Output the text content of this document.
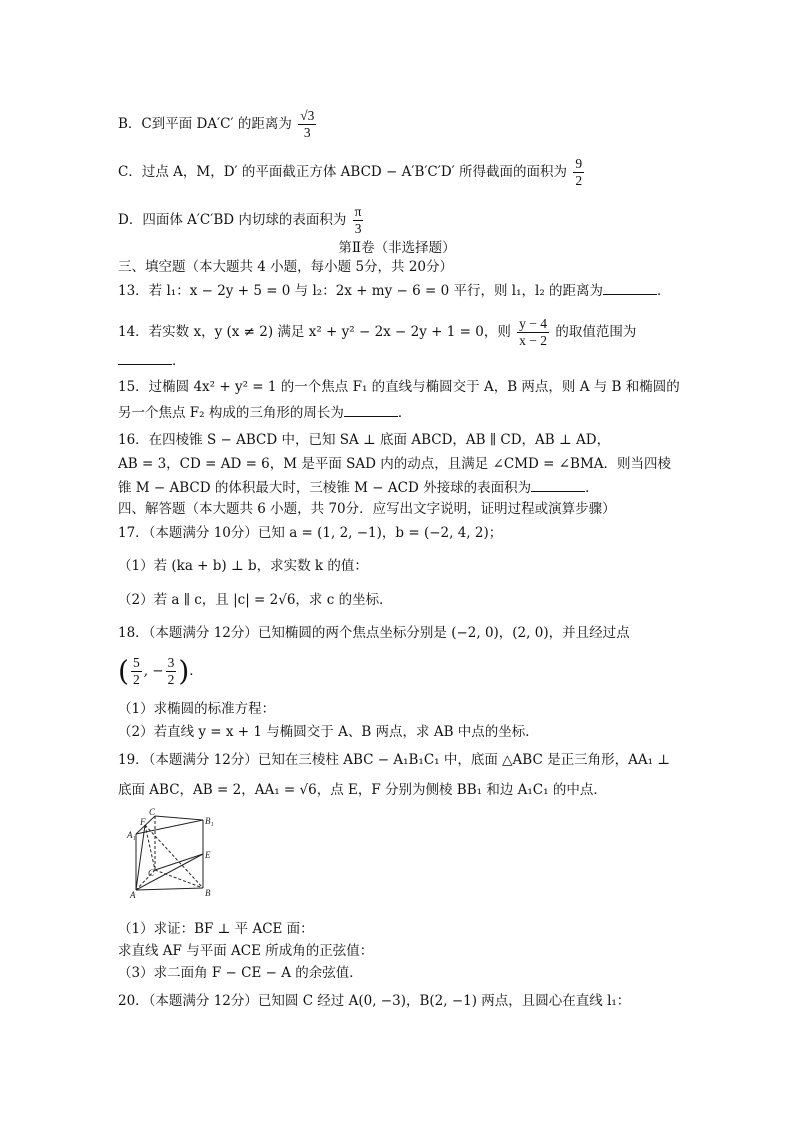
B．C到平面 DA′C′ 的距离为 $\frac{√3}{3}$
C．过点 A，M，D′ 的平面截正方体 ABCD − A′B′C′D′ 所得截面的面积为 $\frac{9}{2}$
D．四面体 A′C′BD 内切球的表面积为 $\frac{\pi}{3}$
第Ⅱ卷（非选择题）
三、填空题（本大题共 4 小题，每小题 5分，共 20分）
13．若 l₁：x − 2y + 5 = 0 与 l₂：2x + my − 6 = 0 平行，则 l₁，l₂ 的距离为	．
14．若实数 x，y (x ≠ 2) 满足 x² + y² − 2x − 2y + 1 = 0，则 $\frac{y - 4}{x - 2}$ 的取值范围为
．
15．过椭圆 4x² + y² = 1 的一个焦点 F₁ 的直线与椭圆交于 A，B 两点，则 A 与 B 和椭圆的
另一个焦点 F₂ 构成的三角形的周长为	．
16．在四棱锥 S − ABCD 中，已知 SA ⊥ 底面 ABCD，AB ∥ CD，AB ⊥ AD，
AB = 3，CD = AD = 6，M 是平面 SAD 内的动点，且满足 ∠CMD = ∠BMA．则当四棱
锥 M − ABCD 的体积最大时，三棱锥 M − ACD 外接球的表面积为	．
四、解答题（本大题共 6 小题，共 70分．应写出文字说明，证明过程或演算步骤）
17．（本题满分 10分）已知 a = (1, 2, −1)，b = (−2, 4, 2)；
（1）若 (ka + b) ⊥ b，求实数 k 的值：
（2）若 a ∥ c，且 |c| = 2√6，求 c 的坐标．
18．（本题满分 12分）已知椭圆的两个焦点坐标分别是 (−2, 0)，(2, 0)，并且经过点
( $\frac{5}{2}$ , − $\frac{3}{2}$ )．
（1）求椭圆的标准方程：
（2）若直线 y = x + 1 与椭圆交于 A、B 两点，求 AB 中点的坐标．
19．（本题满分 12分）已知在三棱柱 ABC − A₁B₁C₁ 中，底面 △ABC 是正三角形，AA₁ ⊥
底面 ABC，AB = 2，AA₁ = √6，点 E，F 分别为侧棱 BB₁ 和边 A₁C₁ 的中点．
C
F	B₁
A₁
E
C
A	B
（1）求证：BF ⊥ 平 ACE 面：
求直线 AF 与平面 ACE 所成角的正弦值：
（3）求二面角 F − CE − A 的余弦值．
20．（本题满分 12分）已知圆 C 经过 A(0, −3)，B(2, −1) 两点，且圆心在直线 l₁：
